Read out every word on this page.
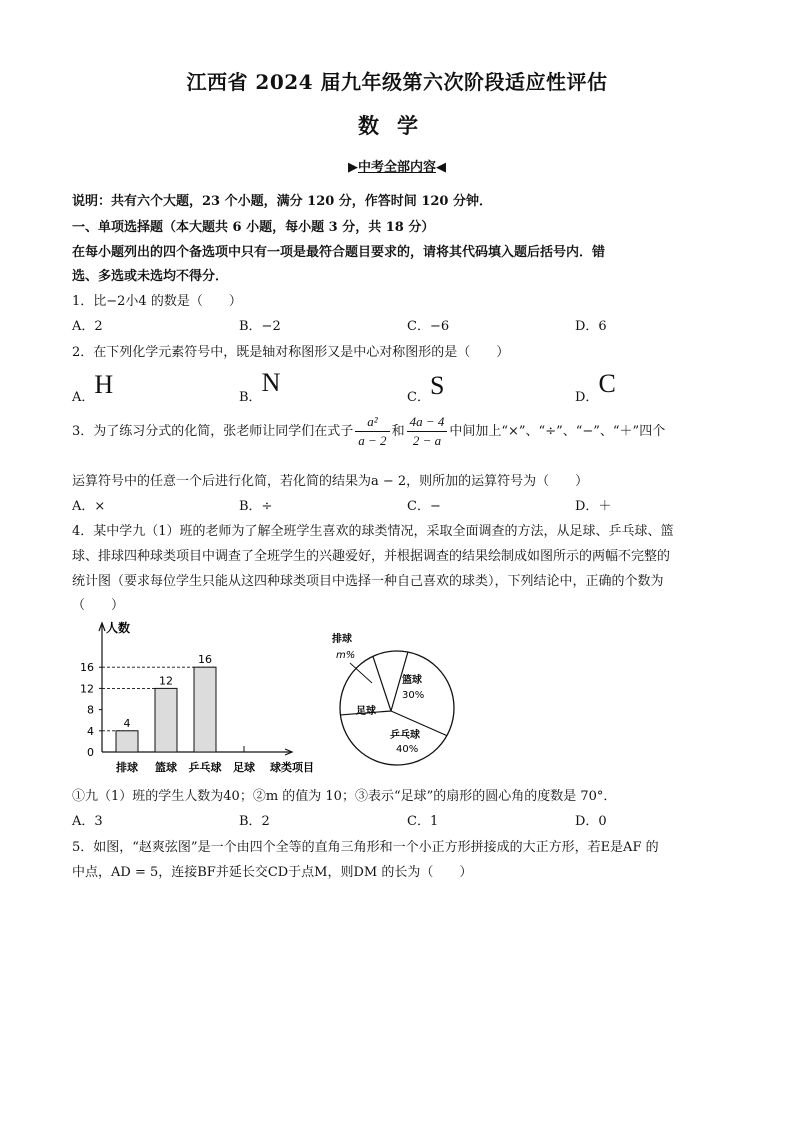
江西省 2024 届九年级第六次阶段适应性评估
数学
▶中考全部内容◀
说明：共有六个大题，23 个小题，满分 120 分，作答时间 120 分钟．
一、单项选择题（本大题共 6 小题，每小题 3 分，共 18 分）
在每小题列出的四个备选项中只有一项是最符合题目要求的，请将其代码填入题后括号内．错
选、多选或未选均不得分．
1．比−2小4 的数是（　　）
A．2	B．−2	C．−6	D．6
2．在下列化学元素符号中，既是轴对称图形又是中心对称图形的是（　　）
A．H	B．N
C．S	D．C
3．为了练习分式的化简，张老师让同学们在式子 $\frac{\text{a²}}{a - 2}$ 和 $\frac{4a - 4}{2 - a}$ 中间加上“×”、“÷”、“−”、“＋”四个
运算符号中的任意一个后进行化简，若化简的结果为a − 2，则所加的运算符号为（　　）
A．×	B．÷	C．−	D．＋
4．某中学九（1）班的老师为了解全班学生喜欢的球类情况，采取全面调查的方法，从足球、乒乓球、篮
球、排球四种球类项目中调查了全班学生的兴趣爱好，并根据调查的结果绘制成如图所示的两幅不完整的
统计图（要求每位学生只能从这四种球类项目中选择一种自己喜欢的球类），下列结论中，正确的个数为
（　　）
人数
0
4
8
12
16
4
排球
12
篮球
16
乒乓球 足球 球类项目
排球
m%
篮球
30%
乒乓球
40%
足球
①九（1）班的学生人数为40；②m 的值为 10；③表示“足球”的扇形的圆心角的度数是 70°．
A．3	B．2	C．1	D．0
5．如图，“赵爽弦图”是一个由四个全等的直角三角形和一个小正方形拼接成的大正方形，若E是AF 的
中点，AD = 5，连接BF并延长交CD于点M，则DM 的长为（　　）
